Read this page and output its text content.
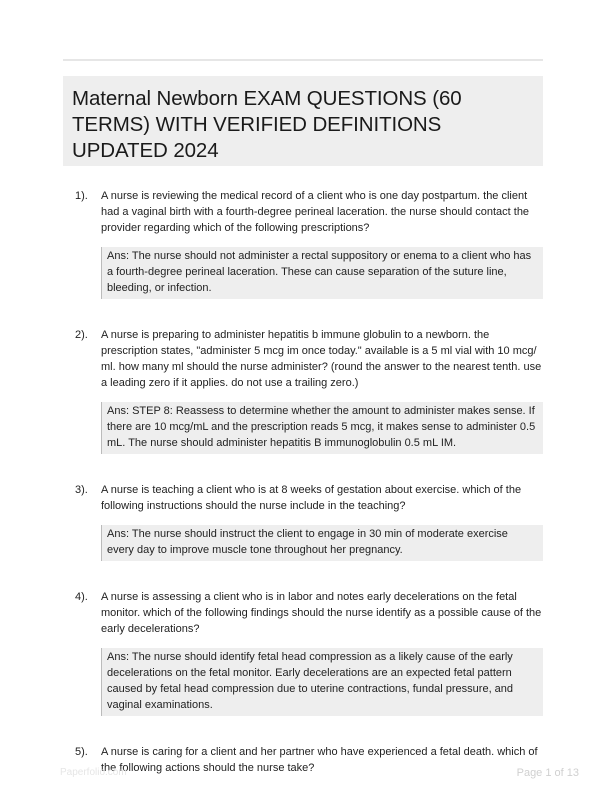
Maternal Newborn EXAM QUESTIONS (60 TERMS) WITH VERIFIED DEFINITIONS UPDATED 2024
1). A nurse is reviewing the medical record of a client who is one day postpartum. the client had a vaginal birth with a fourth-degree perineal laceration. the nurse should contact the provider regarding which of the following prescriptions?

Ans: The nurse should not administer a rectal suppository or enema to a client who has a fourth-degree perineal laceration. These can cause separation of the suture line, bleeding, or infection.
2). A nurse is preparing to administer hepatitis b immune globulin to a newborn. the prescription states, "administer 5 mcg im once today." available is a 5 ml vial with 10 mcg/ ml. how many ml should the nurse administer? (round the answer to the nearest tenth. use a leading zero if it applies. do not use a trailing zero.)

Ans: STEP 8: Reassess to determine whether the amount to administer makes sense. If there are 10 mcg/mL and the prescription reads 5 mcg, it makes sense to administer 0.5 mL. The nurse should administer hepatitis B immunoglobulin 0.5 mL IM.
3). A nurse is teaching a client who is at 8 weeks of gestation about exercise. which of the following instructions should the nurse include in the teaching?

Ans: The nurse should instruct the client to engage in 30 min of moderate exercise every day to improve muscle tone throughout her pregnancy.
4). A nurse is assessing a client who is in labor and notes early decelerations on the fetal monitor. which of the following findings should the nurse identify as a possible cause of the early decelerations?

Ans: The nurse should identify fetal head compression as a likely cause of the early decelerations on the fetal monitor. Early decelerations are an expected fetal pattern caused by fetal head compression due to uterine contractions, fundal pressure, and vaginal examinations.
5). A nurse is caring for a client and her partner who have experienced a fetal death. which of the following actions should the nurse take?

Paperfolio.com	Page 1 of 13
